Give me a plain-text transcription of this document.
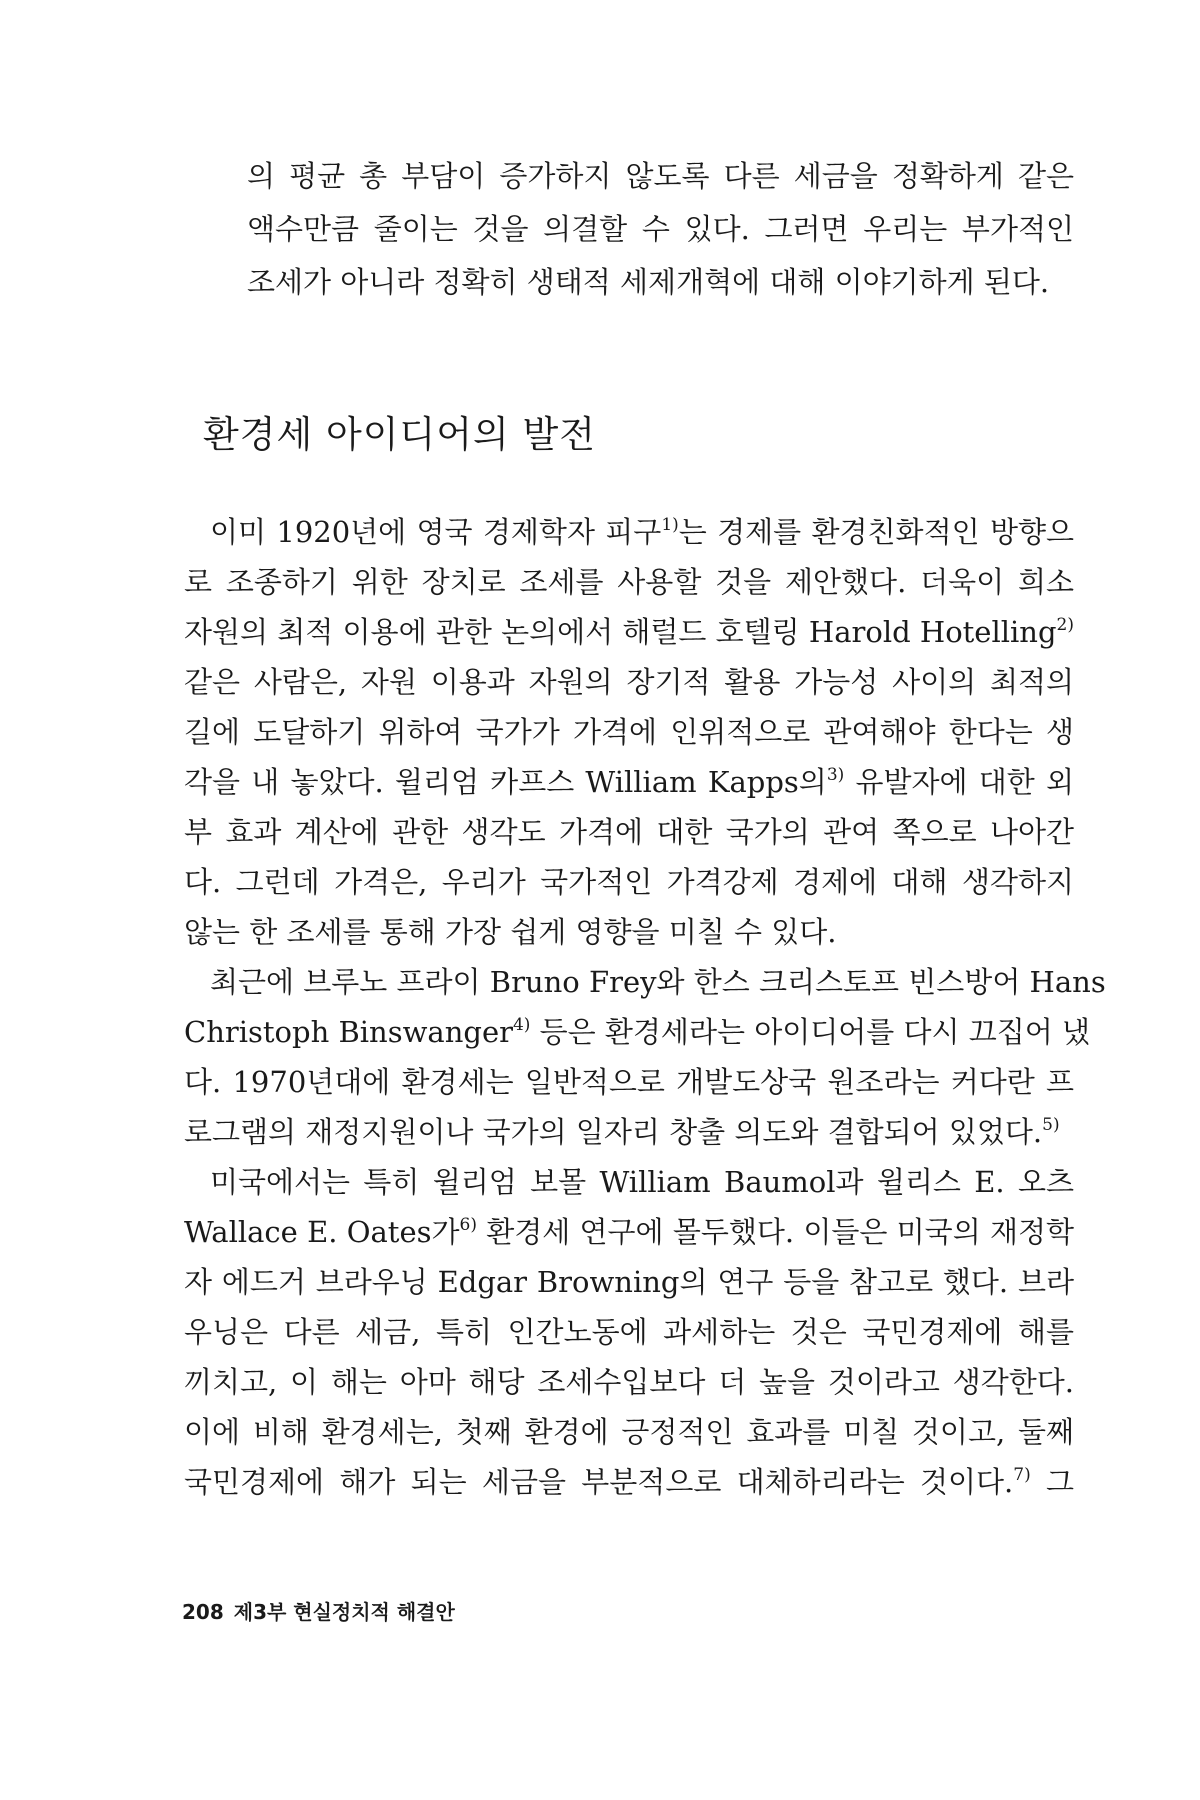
의 평균 총 부담이 증가하지 않도록 다른 세금을 정확하게 같은
액수만큼 줄이는 것을 의결할 수 있다. 그러면 우리는 부가적인
조세가 아니라 정확히 생태적 세제개혁에 대해 이야기하게 된다.
환경세 아이디어의 발전
이미 1920년에 영국 경제학자 피구$^{1)}$는 경제를 환경친화적인 방향으
로 조종하기 위한 장치로 조세를 사용할 것을 제안했다. 더욱이 희소
자원의 최적 이용에 관한 논의에서 해럴드 호텔링 Harold Hotelling$^{2)}$
같은 사람은, 자원 이용과 자원의 장기적 활용 가능성 사이의 최적의
길에 도달하기 위하여 국가가 가격에 인위적으로 관여해야 한다는 생
각을 내 놓았다. 윌리엄 카프스 William Kapps의$^{3)}$ 유발자에 대한 외
부 효과 계산에 관한 생각도 가격에 대한 국가의 관여 쪽으로 나아간
다. 그런데 가격은, 우리가 국가적인 가격강제 경제에 대해 생각하지
않는 한 조세를 통해 가장 쉽게 영향을 미칠 수 있다.
최근에 브루노 프라이 Bruno Frey와 한스 크리스토프 빈스방어 Hans
Christoph Binswanger$^{4)}$ 등은 환경세라는 아이디어를 다시 끄집어 냈
다. 1970년대에 환경세는 일반적으로 개발도상국 원조라는 커다란 프
로그램의 재정지원이나 국가의 일자리 창출 의도와 결합되어 있었다.$^{5)}$
미국에서는 특히 윌리엄 보몰 William Baumol과 윌리스 E. 오츠
Wallace E. Oates가$^{6)}$ 환경세 연구에 몰두했다. 이들은 미국의 재정학
자 에드거 브라우닝 Edgar Browning의 연구 등을 참고로 했다. 브라
우닝은 다른 세금, 특히 인간노동에 과세하는 것은 국민경제에 해를
끼치고, 이 해는 아마 해당 조세수입보다 더 높을 것이라고 생각한다.
이에 비해 환경세는, 첫째 환경에 긍정적인 효과를 미칠 것이고, 둘째
국민경제에 해가 되는 세금을 부분적으로 대체하리라는 것이다.$^{7)}$ 그
208 제3부 현실정치적 해결안
